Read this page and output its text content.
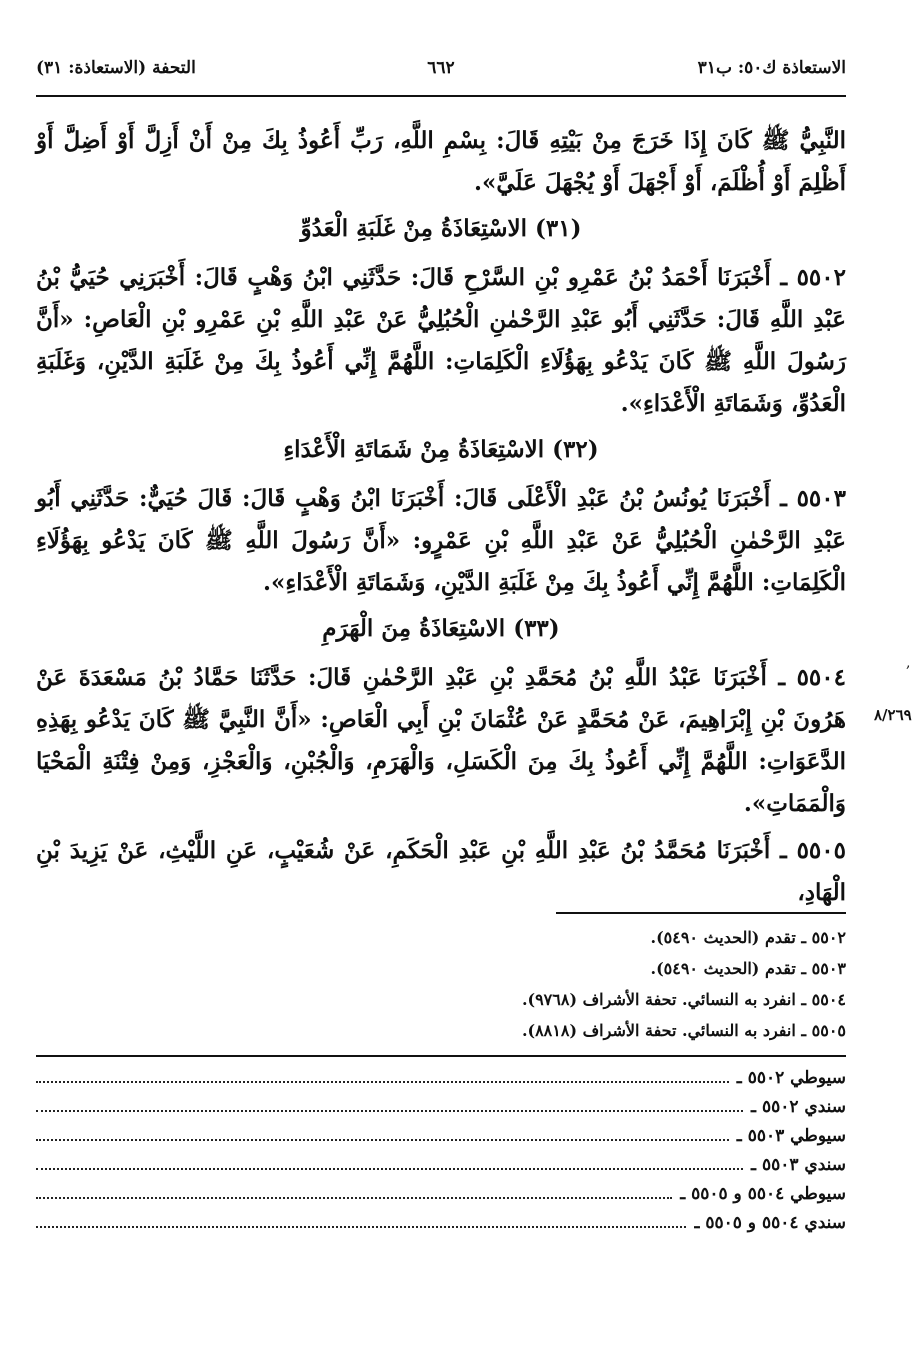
الاستعاذة ك٥٠: ب٣١
٦٦٢
التحفة (الاستعاذة: ٣١)

النَّبِيُّ ﷺ كَانَ إِذَا خَرَجَ مِنْ بَيْتِهِ قَالَ: بِسْمِ اللَّهِ، رَبِّ أَعُوذُ بِكَ مِنْ أَنْ أَزِلَّ أَوْ أَضِلَّ أَوْ أَظْلِمَ أَوْ أُظْلَمَ، أَوْ أَجْهَلَ أَوْ يُجْهَلَ عَلَيَّ».

(٣١) الاسْتِعَاذَةُ مِنْ غَلَبَةِ الْعَدُوِّ

٥٥٠٢ ـ أَخْبَرَنَا أَحْمَدُ بْنُ عَمْرِو بْنِ السَّرْحِ قَالَ: حَدَّثَنِي ابْنُ وَهْبٍ قَالَ: أَخْبَرَنِي حُيَيُّ بْنُ عَبْدِ اللَّهِ قَالَ: حَدَّثَنِي أَبُو عَبْدِ الرَّحْمٰنِ الْحُبُلِيُّ عَنْ عَبْدِ اللَّهِ بْنِ عَمْرِو بْنِ الْعَاصِ: «أَنَّ رَسُولَ اللَّهِ ﷺ كَانَ يَدْعُو بِهَؤُلَاءِ الْكَلِمَاتِ: اللَّهُمَّ إِنِّي أَعُوذُ بِكَ مِنْ غَلَبَةِ الدَّيْنِ، وَغَلَبَةِ الْعَدُوِّ، وَشَمَاتَةِ الْأَعْدَاءِ».

(٣٢) الاسْتِعَاذَةُ مِنْ شَمَاتَةِ الْأَعْدَاءِ

٥٥٠٣ ـ أَخْبَرَنَا يُونُسُ بْنُ عَبْدِ الْأَعْلَى قَالَ: أَخْبَرَنَا ابْنُ وَهْبٍ قَالَ: قَالَ حُيَيٌّ: حَدَّثَنِي أَبُو عَبْدِ الرَّحْمٰنِ الْحُبُلِيُّ عَنْ عَبْدِ اللَّهِ بْنِ عَمْرٍو: «أَنَّ رَسُولَ اللَّهِ ﷺ كَانَ يَدْعُو بِهَؤُلَاءِ الْكَلِمَاتِ: اللَّهُمَّ إِنِّي أَعُوذُ بِكَ مِنْ غَلَبَةِ الدَّيْنِ، وَشَمَاتَةِ الْأَعْدَاءِ».

(٣٣) الاسْتِعَاذَةُ مِنَ الْهَرَمِ

٥٥٠٤ ـ أَخْبَرَنَا عَبْدُ اللَّهِ بْنُ مُحَمَّدِ بْنِ عَبْدِ الرَّحْمٰنِ قَالَ: حَدَّثَنَا حَمَّادُ بْنُ مَسْعَدَةَ عَنْ هَرُونَ بْنِ إِبْرَاهِيمَ، عَنْ مُحَمَّدٍ عَنْ عُثْمَانَ بْنِ أَبِي الْعَاصِ: «أَنَّ النَّبِيَّ ﷺ كَانَ يَدْعُو بِهَذِهِ الدَّعَوَاتِ: اللَّهُمَّ إِنِّي أَعُوذُ بِكَ مِنَ الْكَسَلِ، وَالْهَرَمِ، وَالْجُبْنِ، وَالْعَجْزِ، وَمِنْ فِتْنَةِ الْمَحْيَا وَالْمَمَاتِ».

٥٥٠٥ ـ أَخْبَرَنَا مُحَمَّدُ بْنُ عَبْدِ اللَّهِ بْنِ عَبْدِ الْحَكَمِ، عَنْ شُعَيْبٍ، عَنِ اللَّيْثِ، عَنْ يَزِيدَ بْنِ الْهَادِ،

٨/٢٦٩
,
٥٥٠٢ ـ تقدم (الحديث ٥٤٩٠).
٥٥٠٣ ـ تقدم (الحديث ٥٤٩٠).
٥٥٠٤ ـ انفرد به النسائي. تحفة الأشراف (٩٧٦٨).
٥٥٠٥ ـ انفرد به النسائي. تحفة الأشراف (٨٨١٨).
سيوطي ٥٥٠٢ ـ
سندي ٥٥٠٢ ـ
سيوطي ٥٥٠٣ ـ
سندي ٥٥٠٣ ـ
سيوطي ٥٥٠٤ و ٥٥٠٥ ـ
سندي ٥٥٠٤ و ٥٥٠٥ ـ
